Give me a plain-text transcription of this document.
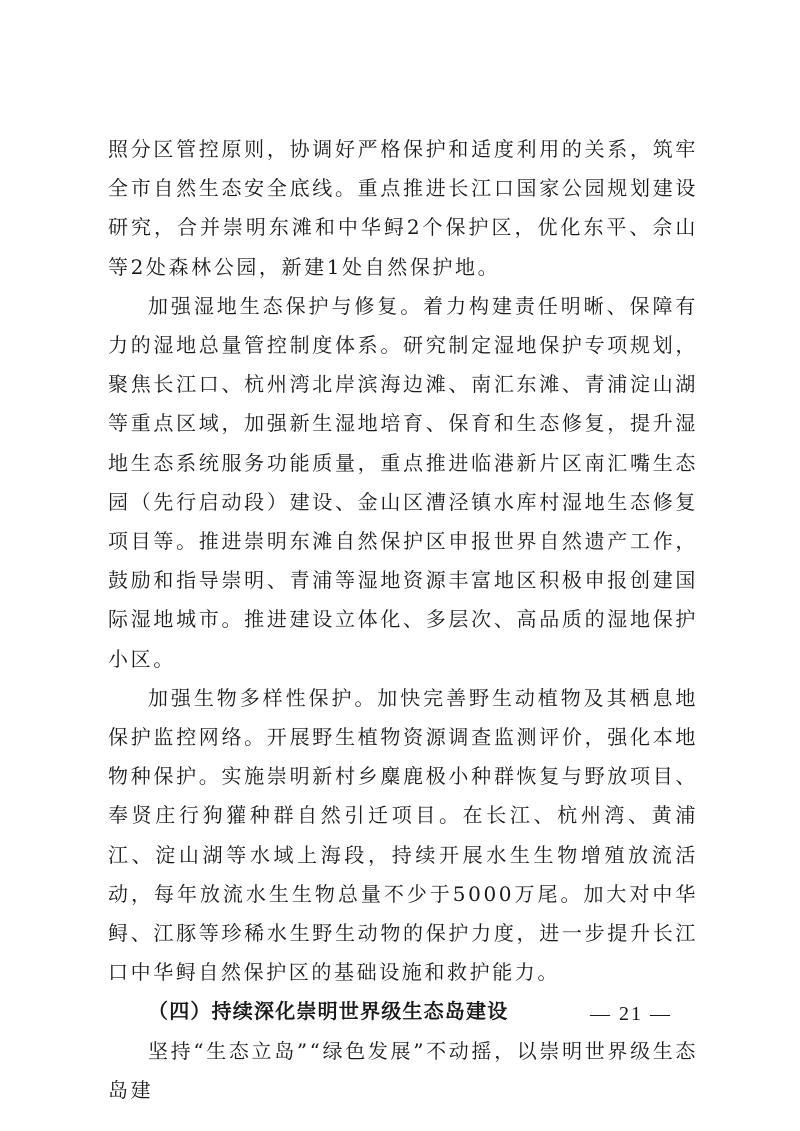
照分区管控原则，协调好严格保护和适度利用的关系，筑牢全市自然生态安全底线。重点推进长江口国家公园规划建设研究，合并崇明东滩和中华鲟2个保护区，优化东平、佘山等2处森林公园，新建1处自然保护地。

加强湿地生态保护与修复。着力构建责任明晰、保障有力的湿地总量管控制度体系。研究制定湿地保护专项规划，聚焦长江口、杭州湾北岸滨海边滩、南汇东滩、青浦淀山湖等重点区域，加强新生湿地培育、保育和生态修复，提升湿地生态系统服务功能质量，重点推进临港新片区南汇嘴生态园（先行启动段）建设、金山区漕泾镇水库村湿地生态修复项目等。推进崇明东滩自然保护区申报世界自然遗产工作，鼓励和指导崇明、青浦等湿地资源丰富地区积极申报创建国际湿地城市。推进建设立体化、多层次、高品质的湿地保护小区。

加强生物多样性保护。加快完善野生动植物及其栖息地保护监控网络。开展野生植物资源调查监测评价，强化本地物种保护。实施崇明新村乡麋鹿极小种群恢复与野放项目、奉贤庄行狗獾种群自然引迁项目。在长江、杭州湾、黄浦江、淀山湖等水域上海段，持续开展水生生物增殖放流活动，每年放流水生生物总量不少于5000万尾。加大对中华鲟、江豚等珍稀水生野生动物的保护力度，进一步提升长江口中华鲟自然保护区的基础设施和救护能力。

（四）持续深化崇明世界级生态岛建设

坚持“生态立岛”“绿色发展”不动摇，以崇明世界级生态岛建

— 21 —
